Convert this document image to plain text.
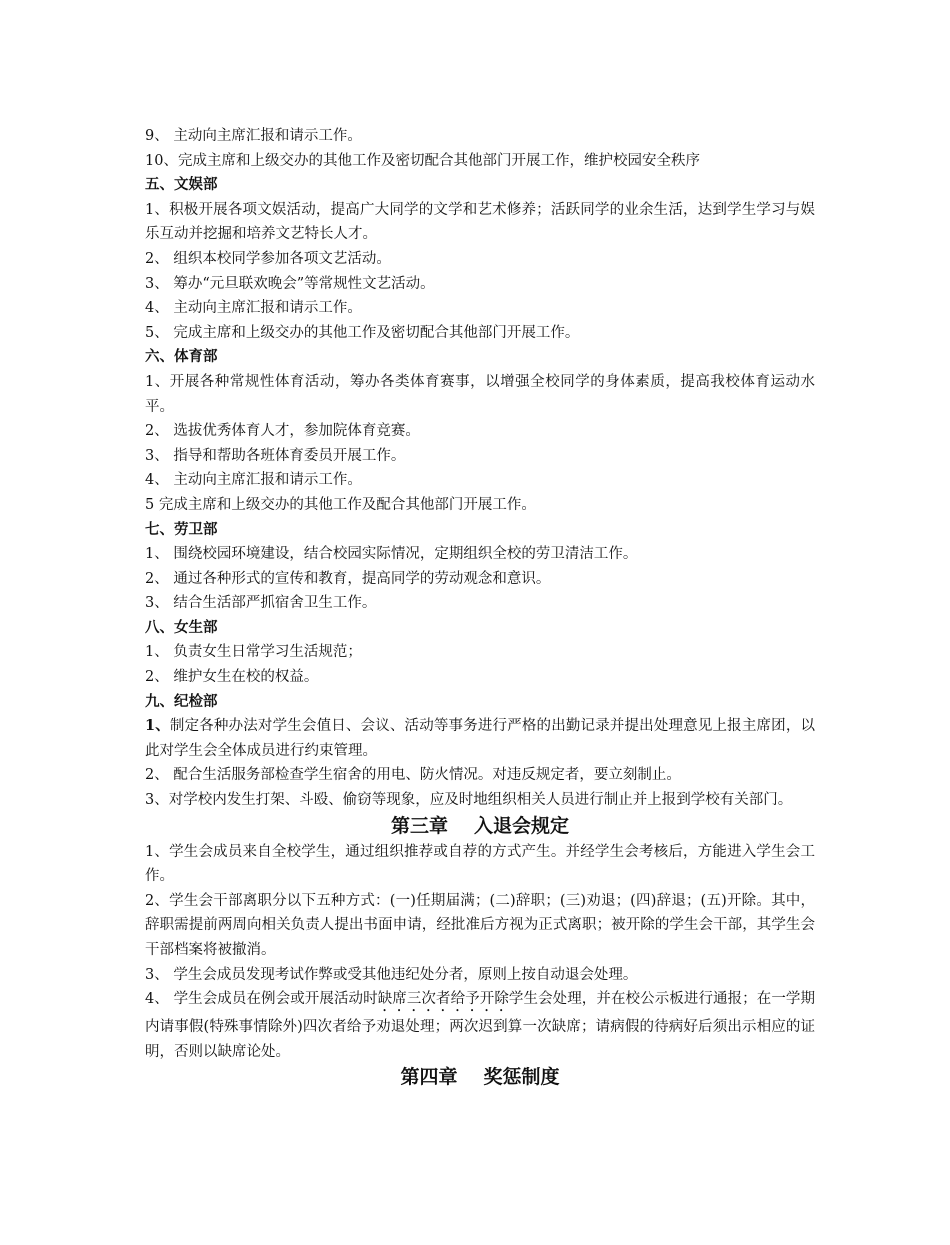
9、 主动向主席汇报和请示工作。
10、完成主席和上级交办的其他工作及密切配合其他部门开展工作，维护校园安全秩序
五、文娱部
1、积极开展各项文娱活动，提高广大同学的文学和艺术修养；活跃同学的业余生活，达到学生学习与娱乐互动并挖掘和培养文艺特长人才。
2、 组织本校同学参加各项文艺活动。
3、 筹办“元旦联欢晚会”等常规性文艺活动。
4、 主动向主席汇报和请示工作。
5、 完成主席和上级交办的其他工作及密切配合其他部门开展工作。
六、体育部
1、开展各种常规性体育活动，筹办各类体育赛事，以增强全校同学的身体素质，提高我校体育运动水平。
2、 选拔优秀体育人才，参加院体育竞赛。
3、 指导和帮助各班体育委员开展工作。
4、 主动向主席汇报和请示工作。
5 完成主席和上级交办的其他工作及配合其他部门开展工作。
七、劳卫部
1、 围绕校园环境建设，结合校园实际情况，定期组织全校的劳卫清洁工作。
2、 通过各种形式的宣传和教育，提高同学的劳动观念和意识。
3、 结合生活部严抓宿舍卫生工作。
八、女生部
1、 负责女生日常学习生活规范；
2、 维护女生在校的权益。
九、纪检部
1、制定各种办法对学生会值日、会议、活动等事务进行严格的出勤记录并提出处理意见上报主席团，以此对学生会全体成员进行约束管理。
2、 配合生活服务部检查学生宿舍的用电、防火情况。对违反规定者，要立刻制止。
3、对学校内发生打架、斗殴、偷窃等现象，应及时地组织相关人员进行制止并上报到学校有关部门。
第三章 入退会规定
1、学生会成员来自全校学生，通过组织推荐或自荐的方式产生。并经学生会考核后，方能进入学生会工作。
2、学生会干部离职分以下五种方式：(一)任期届满；(二)辞职；(三)劝退；(四)辞退；(五)开除。其中，辞职需提前两周向相关负责人提出书面申请，经批准后方视为正式离职；被开除的学生会干部，其学生会干部档案将被撤消。
3、 学生会成员发现考试作弊或受其他违纪处分者，原则上按自动退会处理。
4、 学生会成员在例会或开展活动时缺席三次者给予开除学生会处理，并在校公示板进行通报；在一学期内请事假(特殊事情除外)四次者给予劝退处理；两次迟到算一次缺席；请病假的待病好后须出示相应的证明，否则以缺席论处。
第四章 奖惩制度
